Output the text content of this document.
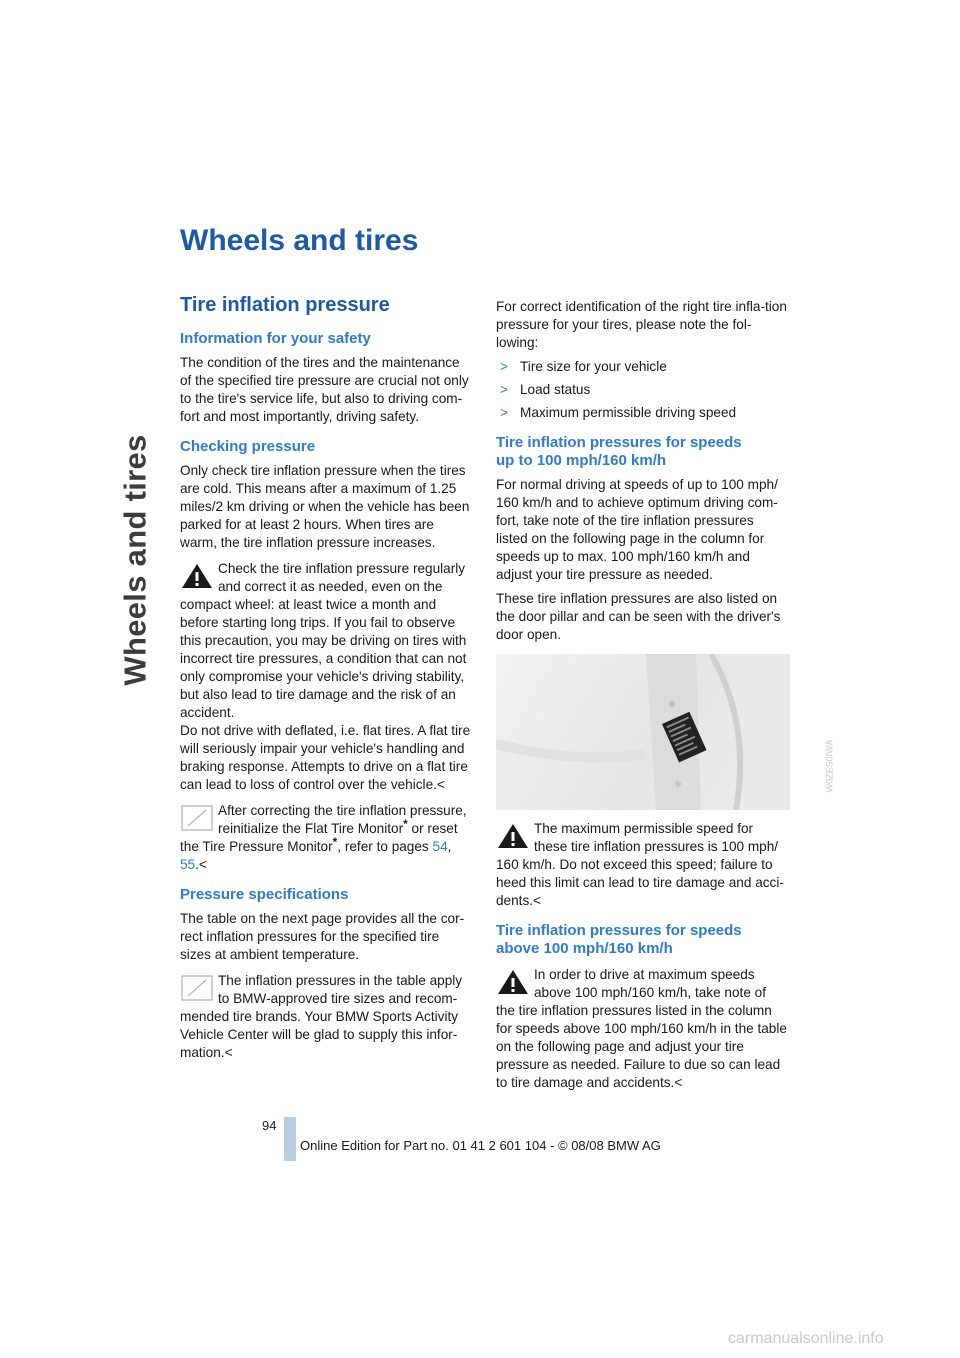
Wheels and tires
Wheels and tires
Tire inflation pressure
Information for your safety

The condition of the tires and the maintenance of the specified tire pressure are crucial not only to the tire's service life, but also to driving com-fort and most importantly, driving safety.

Checking pressure

Only check tire inflation pressure when the tires are cold. This means after a maximum of 1.25 miles/2 km driving or when the vehicle has been parked for at least 2 hours. When tires are warm, the tire inflation pressure increases.

Check the tire inflation pressure regularly and correct it as needed, even on the compact wheel: at least twice a month and before starting long trips. If you fail to observe this precaution, you may be driving on tires with incorrect tire pressures, a condition that can not only compromise your vehicle's driving stability, but also lead to tire damage and the risk of an accident.
Do not drive with deflated, i.e. flat tires. A flat tire will seriously impair your vehicle's handling and braking response. Attempts to drive on a flat tire can lead to loss of control over the vehicle.<

After correcting the tire inflation pressure, reinitialize the Flat Tire Monitor* or reset the Tire Pressure Monitor*, refer to pages 54, 55.<

Pressure specifications

The table on the next page provides all the cor-rect inflation pressures for the specified tire sizes at ambient temperature.

The inflation pressures in the table apply to BMW-approved tire sizes and recom-mended tire brands. Your BMW Sports Activity Vehicle Center will be glad to supply this infor-mation.<

For correct identification of the right tire infla-tion pressure for your tires, please note the fol-lowing:

> Tire size for your vehicle
> Load status
> Maximum permissible driving speed
Tire inflation pressures for speeds
up to 100 mph/160 km/h

For normal driving at speeds of up to 100 mph/ 160 km/h and to achieve optimum driving com-fort, take note of the tire inflation pressures listed on the following page in the column for speeds up to max. 100 mph/160 km/h and adjust your tire pressure as needed.

These tire inflation pressures are also listed on the door pillar and can be seen with the driver's door open.

The maximum permissible speed for these tire inflation pressures is 100 mph/ 160 km/h. Do not exceed this speed; failure to heed this limit can lead to tire damage and acci-dents.<

Tire inflation pressures for speeds
above 100 mph/160 km/h

In order to drive at maximum speeds above 100 mph/160 km/h, take note of the tire inflation pressures listed in the column for speeds above 100 mph/160 km/h in the table on the following page and adjust your tire pressure as needed. Failure to due so can lead to tire damage and accidents.<

W0ZES0IWA
94
Online Edition for Part no. 01 41 2 601 104 - © 08/08 BMW AG
carmanualsonline.info
